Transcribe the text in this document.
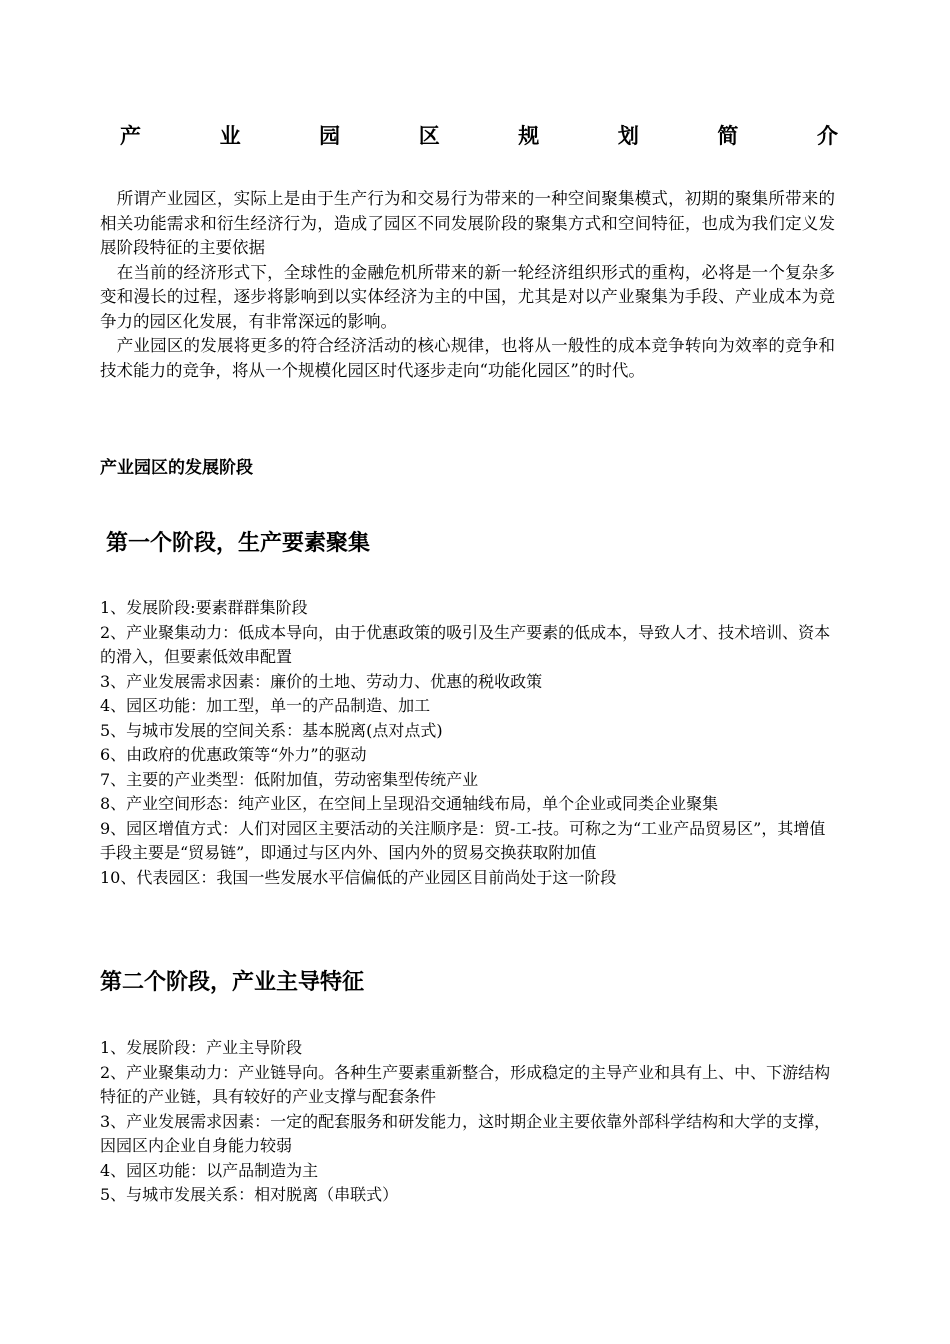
产	业	园	区	规	划	简	介

　所谓产业园区，实际上是由于生产行为和交易行为带来的一种空间聚集模式，初期的聚集所带来的相关功能需求和衍生经济行为，造成了园区不同发展阶段的聚集方式和空间特征，也成为我们定义发展阶段特征的主要依据

　在当前的经济形式下，全球性的金融危机所带来的新一轮经济组织形式的重构，必将是一个复杂多变和漫长的过程，逐步将影响到以实体经济为主的中国，尤其是对以产业聚集为手段、产业成本为竞争力的园区化发展，有非常深远的影响。

　产业园区的发展将更多的符合经济活动的核心规律，也将从一般性的成本竞争转向为效率的竞争和技术能力的竞争，将从一个规模化园区时代逐步走向“功能化园区”的时代。

产业园区的发展阶段
第一个阶段，生产要素聚集

1、发展阶段:要素群群集阶段

2、产业聚集动力：低成本导向，由于优惠政策的吸引及生产要素的低成本，导致人才、技术培训、资本的滑入，但要素低效串配置

3、产业发展需求因素：廉价的土地、劳动力、优惠的税收政策

4、园区功能：加工型，单一的产品制造、加工

5、与城市发展的空间关系：基本脱离(点对点式)

6、由政府的优惠政策等“外力”的驱动

7、主要的产业类型：低附加值，劳动密集型传统产业

8、产业空间形态：纯产业区，在空间上呈现沿交通轴线布局，单个企业或同类企业聚集

9、园区增值方式：人们对园区主要活动的关注顺序是：贸-工-技。可称之为“工业产品贸易区”，其增值手段主要是“贸易链”，即通过与区内外、国内外的贸易交换获取附加值

10、代表园区：我国一些发展水平信偏低的产业园区目前尚处于这一阶段

第二个阶段，产业主导特征

1、发展阶段：产业主导阶段

2、产业聚集动力：产业链导向。各种生产要素重新整合，形成稳定的主导产业和具有上、中、下游结构特征的产业链，具有较好的产业支撑与配套条件

3、产业发展需求因素：一定的配套服务和研发能力，这时期企业主要依靠外部科学结构和大学的支撑，因园区内企业自身能力较弱

4、园区功能：以产品制造为主

5、与城市发展关系：相对脱离（串联式）
